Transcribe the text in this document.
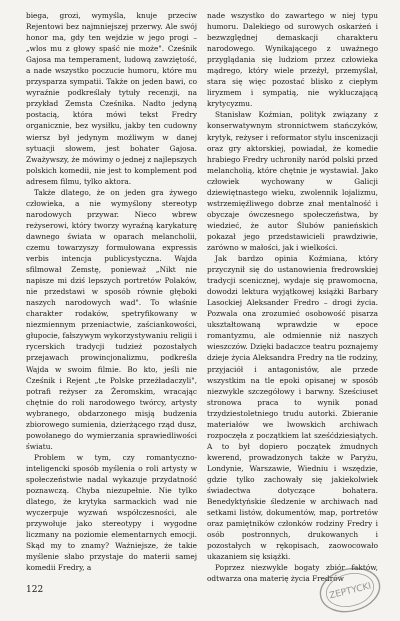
biega, grozi, wymyśla, knuje przeciw Rejentowi bez najmniejszej przerwy. Ale swój honor ma, gdy ten wejdzie w jego progi – „wlos mu z głowy spaść nie może". Cześnik Gajosa ma temperament, ludową zawziętość, a nade wszystko poczucie humoru, które mu przysparza sympatii. Także on jeden bawi, co wyraźnie podkreślały tytuły recenzji, na przykład Zemsta Cześnika. Nadto jedyną postacią, która mówi tekst Fredry organicznie, bez wysiłku, jakby ten cudowny wiersz był jedynym możliwym w danej sytuacji słowem, jest bohater Gajosa. Zważywszy, że mówimy o jednej z najlepszych polskich komedii, nie jest to komplement pod adresem filmu, tylko aktora.

Także dlatego, że on jeden gra żywego człowieka, a nie wymyślony stereotyp narodowych przywar. Nieco wbrew reżyserowi, który tworzy wyraźną karykaturę dawnego świata w oparach melancholii, czemu towarzyszy formułowana expressis verbis intencja publicystyczna. Wajda sfilmował Zemstę, ponieważ „Nikt nie napisze mi dziś lepszych portretów Polaków, nie przedstawi w sposób równie głęboki naszych narodowych wad". To właśnie charakter rodaków, spetryfikowany w niezmiennym przeniactwie, zaściankowości, głupocie, fałszywym wykorzystywaniu religii i rycerskich tradycji tudzież pozostałych przejawach prowincjonalizmu, podkreśla Wajda w swoim filmie. Bo kto, jeśli nie Cześnik i Rejent „te Polske przeżładaczyli", potrafi reżyser za Żeromskim, wracając chętnie do roli narodowego twórcy, artysty wybranego, obdarzonego misją budzenia zbiorowego sumienia, dzierżącego rząd dusz, powołanego do wymierzania sprawiedliwości światu.

Problem w tym, czy romantyczno-inteligencki sposób myślenia o roli artysty w społeczeństwie nadal wykazuje przydatność poznawczą. Chyba niezupełnie. Nie tylko dlatego, że krytyka sarmackich wad nie wyczerpuje wyzwań współczesności, ale przywołuje jako stereotypy i wygodne liczmany na poziomie elementarnych emocji. Skąd my to znamy? Ważniejsze, że takie myślenie słabo przystaje do materii samej komedii Fredry, a

nade wszystko do zawartego w niej typu humoru. Dalekiego od surowych oskarżeń i bezwzględnej demaskacji charakteru narodowego. Wynikającego z uważnego przyglądania się ludziom przez człowieka mądrego, który wiele przeżył, przemyślał, stara się więc pozostać blisko z ciepłym liryzmem i sympatią, nie wykluczającą krytycyzmu.

Stanisław Koźmian, polityk związany z konserwatywnym stronnictwem stańczyków, krytyk, reżyser i reformator stylu inscenizacji oraz gry aktorskiej, powiadał, że komedie hrabiego Fredry uchroniły naród polski przed melancholią, które chętnie je wystawiał. Jako człowiek wychowany w Galicji dziewiętnastego wieku, zwolennik lojalizmu, wstrzemięźliwego dobrze znał mentalność i obyczaje ówczesnego społeczeństwa, by wiedzieć, że autor Ślubów panieńskich pokazał jego przedstawicieli prawdziwie, zarówno w małości, jak i wielkości.

Jak bardzo opinia Koźmiana, który przyczynił się do ustanowienia fredrowskiej tradycji scenicznej, wydaje się prawomocna, dowodzi lektura wyjątkowej książki Barbary Lasockiej Aleksander Fredro – drogi życia. Pozwala ona zrozumieć osobowość pisarza ukształtowaną wprawdzie w epoce romantyzmu, ale odmiennie niż naszych wieszczów. Dzięki badaczce teatru poznajemy dzieje życia Aleksandra Fredry na tle rodziny, przyjaciół i antagonistów, ale przede wszystkim na tle epoki opisanej w sposób niezwykle szczegółowy i barwny. Sześciuset stronowa praca to wynik ponad trzydziestoletniego trudu autorki. Zbieranie materiałów we lwowskich archiwach rozpoczęła z początkiem lat sześćdziesiątych. A to był dopiero początek żmudnych kwerend, prowadzonych także w Paryżu, Londynie, Warszawie, Wiedniu i wszędzie, gdzie tylko zachowały się jakiekolwiek świadectwa dotyczące bohatera. Benedyktyńskie śledzenie w archiwach nad setkami listów, dokumentów, map, portretów oraz pamiętników członków rodziny Fredry i osób postronnych, drukowanych i pozostałych w rękopisach, zaowocowało ukazaniem się książki.

Poprzez niezwykle bogaty zbiór faktów, odtwarza ona materię życia Fredrów

122	ZEPTYCKI
